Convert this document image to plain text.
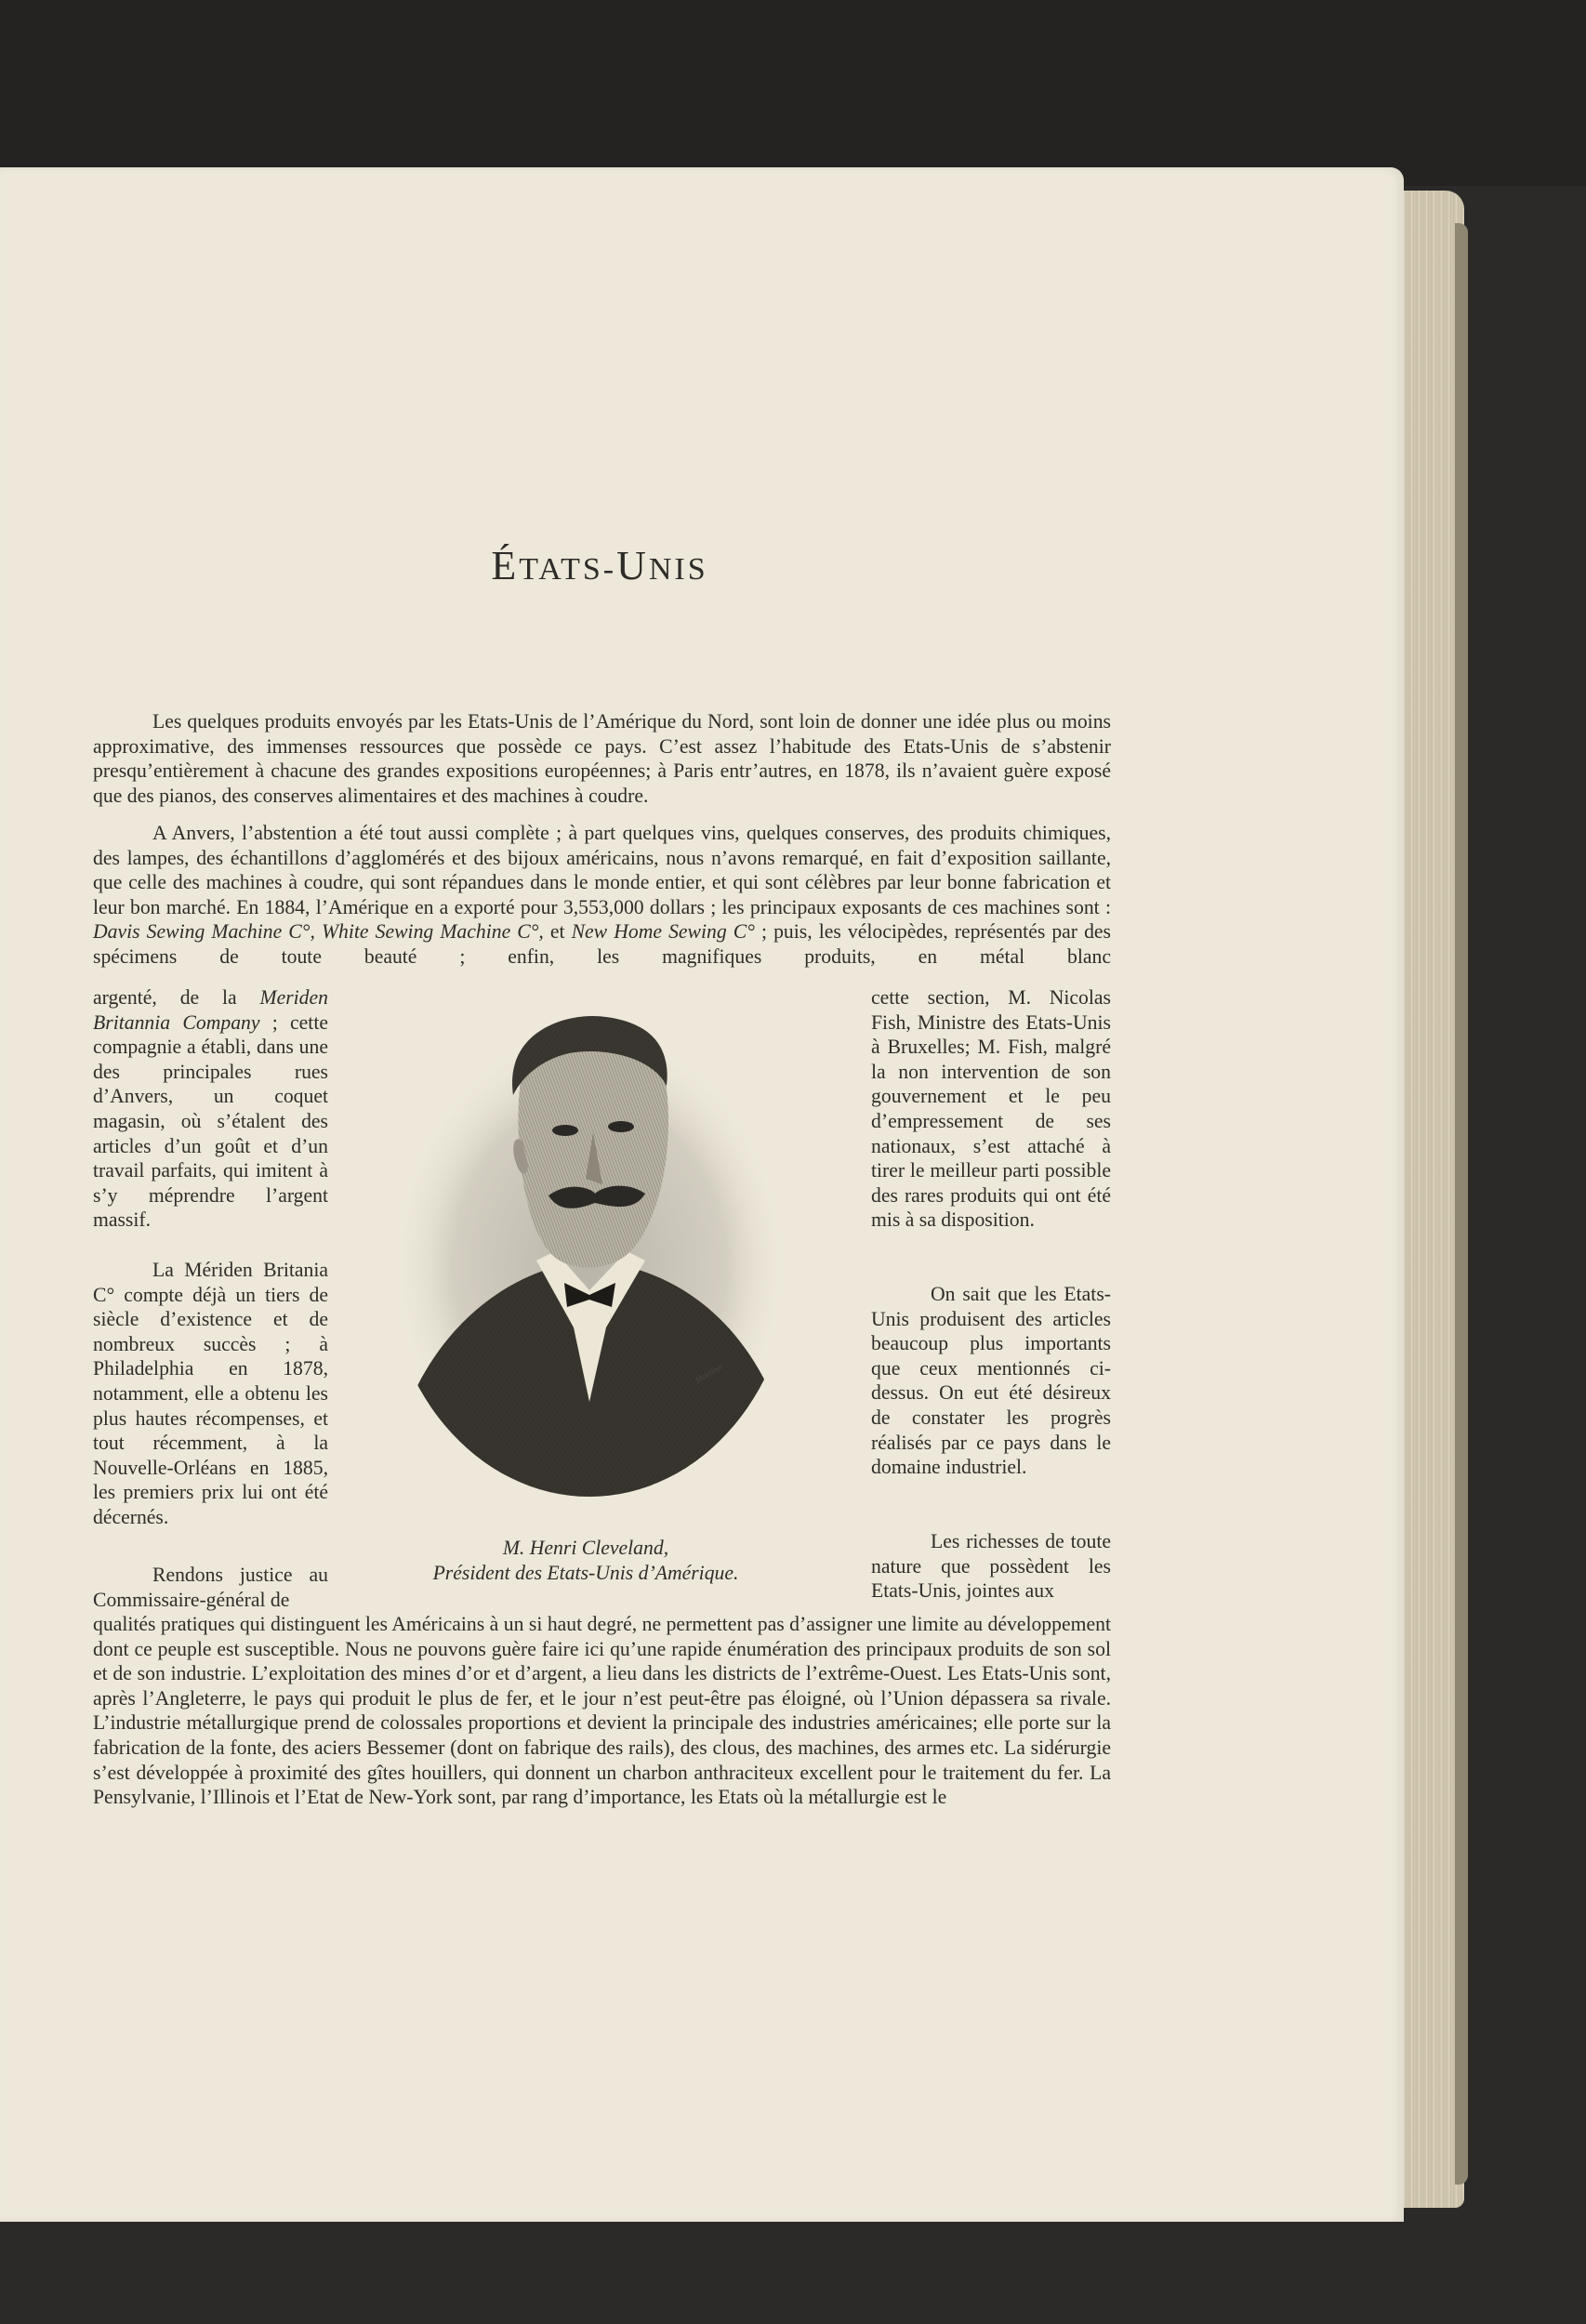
ÉTATS-UNIS

Les quelques produits envoyés par les Etats-Unis de l’Amérique du Nord, sont loin de donner une idée plus ou moins approximative, des immenses ressources que possède ce pays. C’est assez l’habitude des Etats-Unis de s’abstenir presqu’entièrement à chacune des grandes expositions européennes; à Paris entr’autres, en 1878, ils n’avaient guère exposé que des pianos, des conserves alimentaires et des machines à coudre.

A Anvers, l’abstention a été tout aussi complète ; à part quelques vins, quelques conserves, des produits chimiques, des lampes, des échantillons d’agglomérés et des bijoux américains, nous n’avons remarqué, en fait d’exposition saillante, que celle des machines à coudre, qui sont répandues dans le monde entier, et qui sont célèbres par leur bonne fabrication et leur bon marché. En 1884, l’Amérique en a exporté pour 3,553,000 dollars ; les principaux exposants de ces machines sont : Davis Sewing Machine C°, White Sewing Machine C°, et New Home Sewing C° ; puis, les vélocipèdes, représentés par des spécimens de toute beauté ; enfin, les magnifiques produits, en métal blanc

argenté, de la Meriden Britannia Company ; cette compagnie a établi, dans une des principales rues d’Anvers, un coquet magasin, où s’étalent des articles d’un goût et d’un travail parfaits, qui imitent à s’y méprendre l’argent massif.

La Mériden Britania C° compte déjà un tiers de siècle d’existence et de nombreux succès ; à Philadelphia en 1878, notamment, elle a obtenu les plus hautes récompenses, et tout récemment, à la Nouvelle-Orléans en 1885, les premiers prix lui ont été décernés.

Rendons justice au Commissaire-général de

Mouliner
M. Henri Cleveland,
Président des Etats-Unis d’Amérique.

cette section, M. Nicolas Fish, Ministre des Etats-Unis à Bruxelles; M. Fish, malgré la non intervention de son gouvernement et le peu d’empressement de ses nationaux, s’est attaché à tirer le meilleur parti possible des rares produits qui ont été mis à sa disposition.

On sait que les Etats-Unis produisent des articles beaucoup plus importants que ceux mentionnés ci-dessus. On eut été désireux de constater les progrès réalisés par ce pays dans le domaine industriel.

Les richesses de toute nature que possèdent les Etats-Unis, jointes aux

qualités pratiques qui distinguent les Américains à un si haut degré, ne permettent pas d’assigner une limite au développement dont ce peuple est susceptible. Nous ne pouvons guère faire ici qu’une rapide énumération des principaux produits de son sol et de son industrie. L’exploitation des mines d’or et d’argent, a lieu dans les districts de l’extrême-Ouest. Les Etats-Unis sont, après l’Angleterre, le pays qui produit le plus de fer, et le jour n’est peut-être pas éloigné, où l’Union dépassera sa rivale. L’industrie métallurgique prend de colossales proportions et devient la principale des industries américaines; elle porte sur la fabrication de la fonte, des aciers Bessemer (dont on fabrique des rails), des clous, des machines, des armes etc. La sidérurgie s’est développée à proximité des gîtes houillers, qui donnent un charbon anthraciteux excellent pour le traitement du fer. La Pensylvanie, l’Illinois et l’Etat de New-York sont, par rang d’importance, les Etats où la métallurgie est le
